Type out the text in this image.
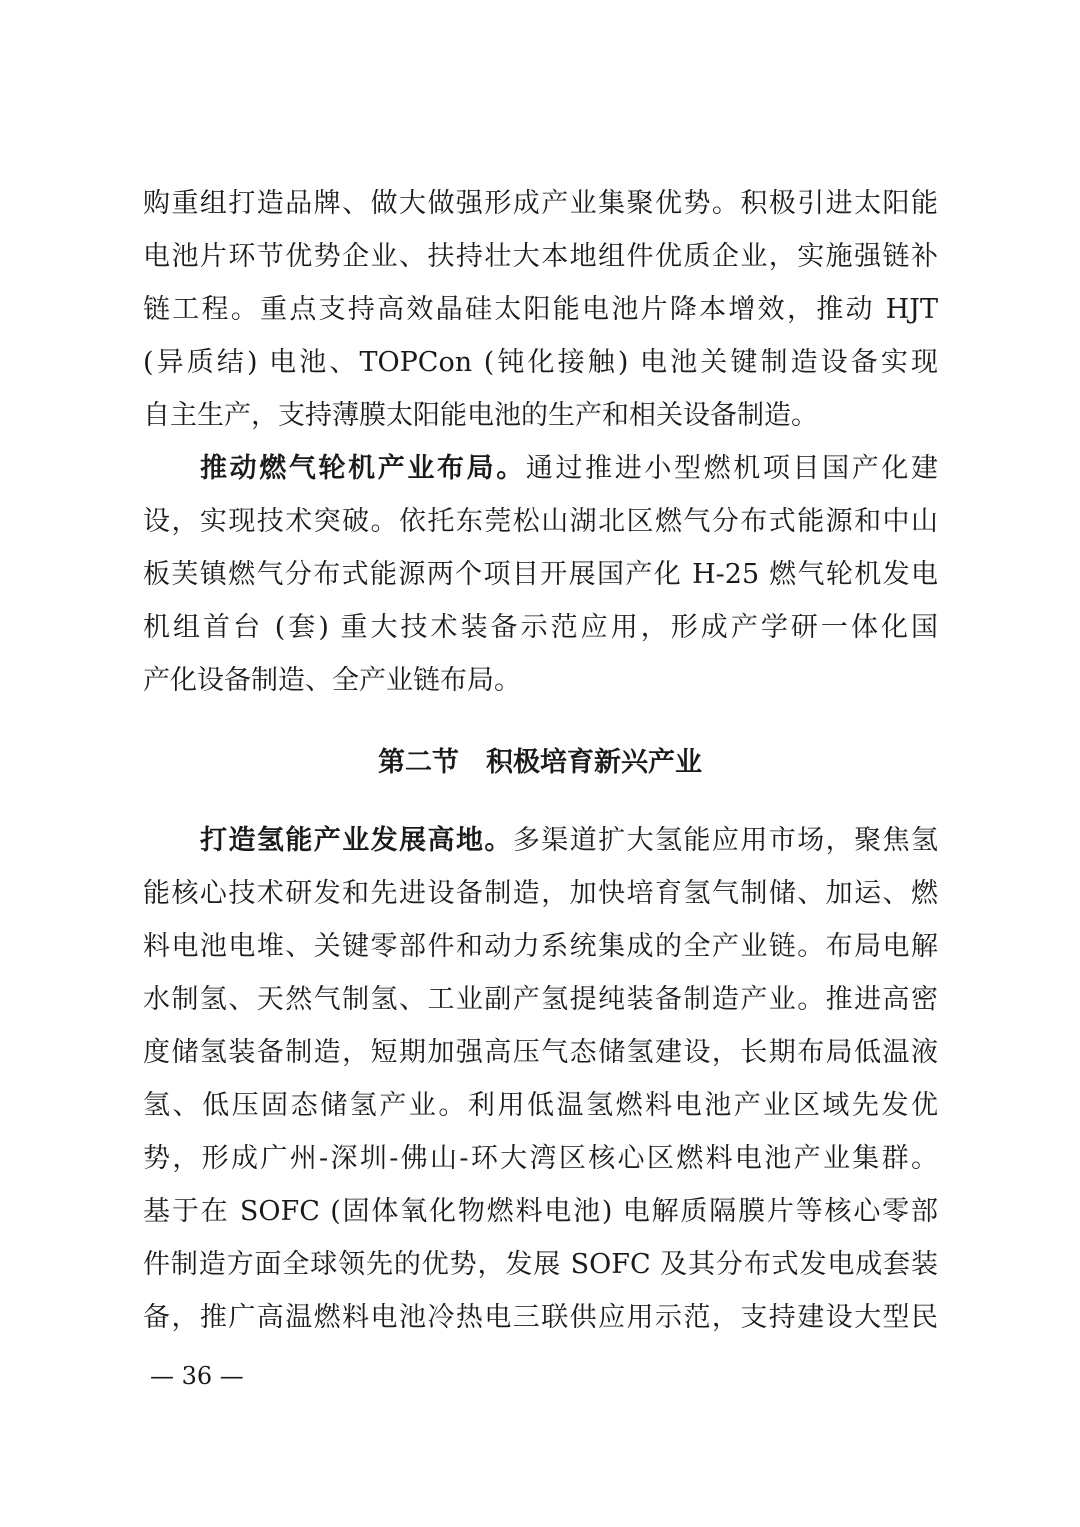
购重组打造品牌、做大做强形成产业集聚优势。积极引进太阳能
电池片环节优势企业、扶持壮大本地组件优质企业，实施强链补
链工程。重点支持高效晶硅太阳能电池片降本增效，推动 HJT
(异质结) 电池、TOPCon (钝化接触) 电池关键制造设备实现
自主生产，支持薄膜太阳能电池的生产和相关设备制造。
推动燃气轮机产业布局。通过推进小型燃机项目国产化建
设，实现技术突破。依托东莞松山湖北区燃气分布式能源和中山
板芙镇燃气分布式能源两个项目开展国产化 H-25 燃气轮机发电
机组首台 (套) 重大技术装备示范应用，形成产学研一体化国
产化设备制造、全产业链布局。
第二节　积极培育新兴产业
打造氢能产业发展高地。多渠道扩大氢能应用市场，聚焦氢
能核心技术研发和先进设备制造，加快培育氢气制储、加运、燃
料电池电堆、关键零部件和动力系统集成的全产业链。布局电解
水制氢、天然气制氢、工业副产氢提纯装备制造产业。推进高密
度储氢装备制造，短期加强高压气态储氢建设，长期布局低温液
氢、低压固态储氢产业。利用低温氢燃料电池产业区域先发优
势，形成广州-深圳-佛山-环大湾区核心区燃料电池产业集群。
基于在 SOFC (固体氧化物燃料电池) 电解质隔膜片等核心零部
件制造方面全球领先的优势，发展 SOFC 及其分布式发电成套装
备，推广高温燃料电池冷热电三联供应用示范，支持建设大型民
— 36 —
